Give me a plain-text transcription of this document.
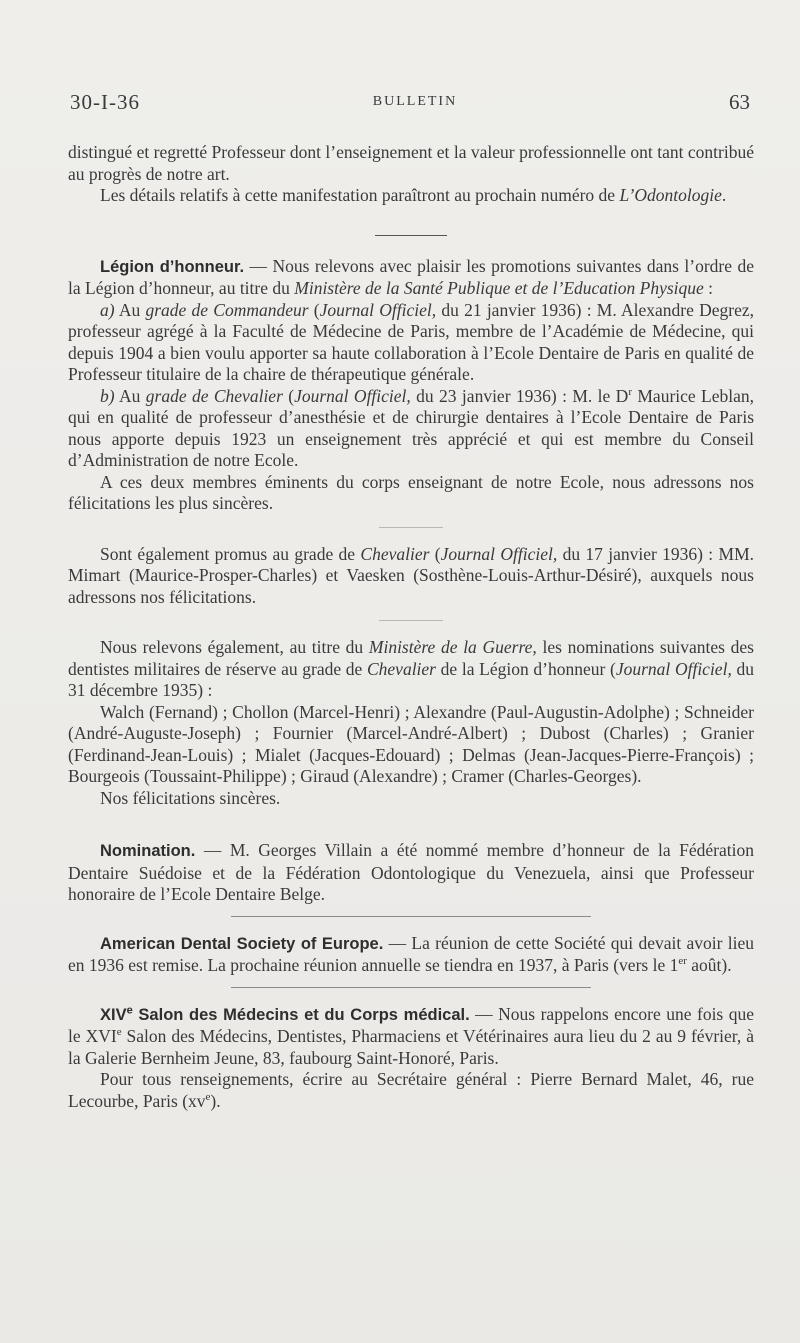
30-I-36	BULLETIN	63

distingué et regretté Professeur dont l’enseignement et la valeur professionnelle ont tant contribué au progrès de notre art.

Les détails relatifs à cette manifestation paraîtront au prochain numéro de L’Odontologie.

Légion d’honneur. — Nous relevons avec plaisir les promotions suivantes dans l’ordre de la Légion d’honneur, au titre du Ministère de la Santé Publique et de l’Education Physique :

a) Au grade de Commandeur (Journal Officiel, du 21 janvier 1936) : M. Alexandre Degrez, professeur agrégé à la Faculté de Médecine de Paris, membre de l’Académie de Médecine, qui depuis 1904 a bien voulu apporter sa haute collaboration à l’Ecole Dentaire de Paris en qualité de Professeur titulaire de la chaire de thérapeutique générale.

b) Au grade de Chevalier (Journal Officiel, du 23 janvier 1936) : M. le $D^r$ Maurice Leblan, qui en qualité de professeur d’anesthésie et de chirurgie dentaires à l’Ecole Dentaire de Paris nous apporte depuis 1923 un enseignement très apprécié et qui est membre du Conseil d’Administration de notre Ecole.

A ces deux membres éminents du corps enseignant de notre Ecole, nous adressons nos félicitations les plus sincères.

Sont également promus au grade de Chevalier (Journal Officiel, du 17 janvier 1936) : MM. Mimart (Maurice-Prosper-Charles) et Vaesken (Sosthène-Louis-Arthur-Désiré), auxquels nous adressons nos félicitations.

Nous relevons également, au titre du Ministère de la Guerre, les nominations suivantes des dentistes militaires de réserve au grade de Chevalier de la Légion d’honneur (Journal Officiel, du 31 décembre 1935) :

Walch (Fernand) ; Chollon (Marcel-Henri) ; Alexandre (Paul-Augustin-Adolphe) ; Schneider (André-Auguste-Joseph) ; Fournier (Marcel-André-Albert) ; Dubost (Charles) ; Granier (Ferdinand-Jean-Louis) ; Mialet (Jacques-Edouard) ; Delmas (Jean-Jacques-Pierre-François) ; Bourgeois (Toussaint-Philippe) ; Giraud (Alexandre) ; Cramer (Charles-Georges).

Nos félicitations sincères.

Nomination. — M. Georges Villain a été nommé membre d’honneur de la Fédération Dentaire Suédoise et de la Fédération Odontologique du Venezuela, ainsi que Professeur honoraire de l’Ecole Dentaire Belge.

American Dental Society of Europe. — La réunion de cette Société qui devait avoir lieu en 1936 est remise. La prochaine réunion annuelle se tiendra en 1937, à Paris (vers le 1er août).

XIVe Salon des Médecins et du Corps médical. — Nous rappelons encore une fois que le XVIe Salon des Médecins, Dentistes, Pharmaciens et Vétérinaires aura lieu du 2 au 9 février, à la Galerie Bernheim Jeune, 83, faubourg Saint-Honoré, Paris.

Pour tous renseignements, écrire au Secrétaire général : Pierre Bernard Malet, 46, rue Lecourbe, Paris $(xv^e)$.
